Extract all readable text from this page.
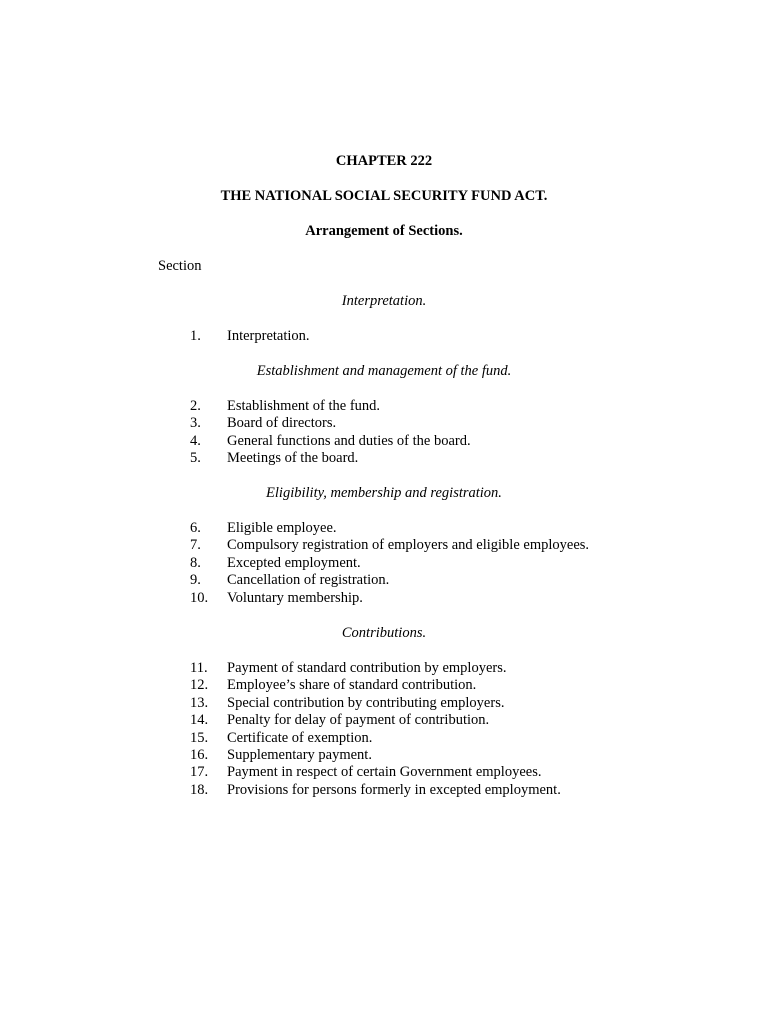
CHAPTER 222
THE NATIONAL SOCIAL SECURITY FUND ACT.
Arrangement of Sections.
Section
Interpretation.
1.	Interpretation.
Establishment and management of the fund.
2.	Establishment of the fund.
3.	Board of directors.
4.	General functions and duties of the board.
5.	Meetings of the board.
Eligibility, membership and registration.
6.	Eligible employee.
7.	Compulsory registration of employers and eligible employees.
8.	Excepted employment.
9.	Cancellation of registration.
10.	Voluntary membership.
Contributions.
11.	Payment of standard contribution by employers.
12.	Employee’s share of standard contribution.
13.	Special contribution by contributing employers.
14.	Penalty for delay of payment of contribution.
15.	Certificate of exemption.
16.	Supplementary payment.
17.	Payment in respect of certain Government employees.
18.	Provisions for persons formerly in excepted employment.
